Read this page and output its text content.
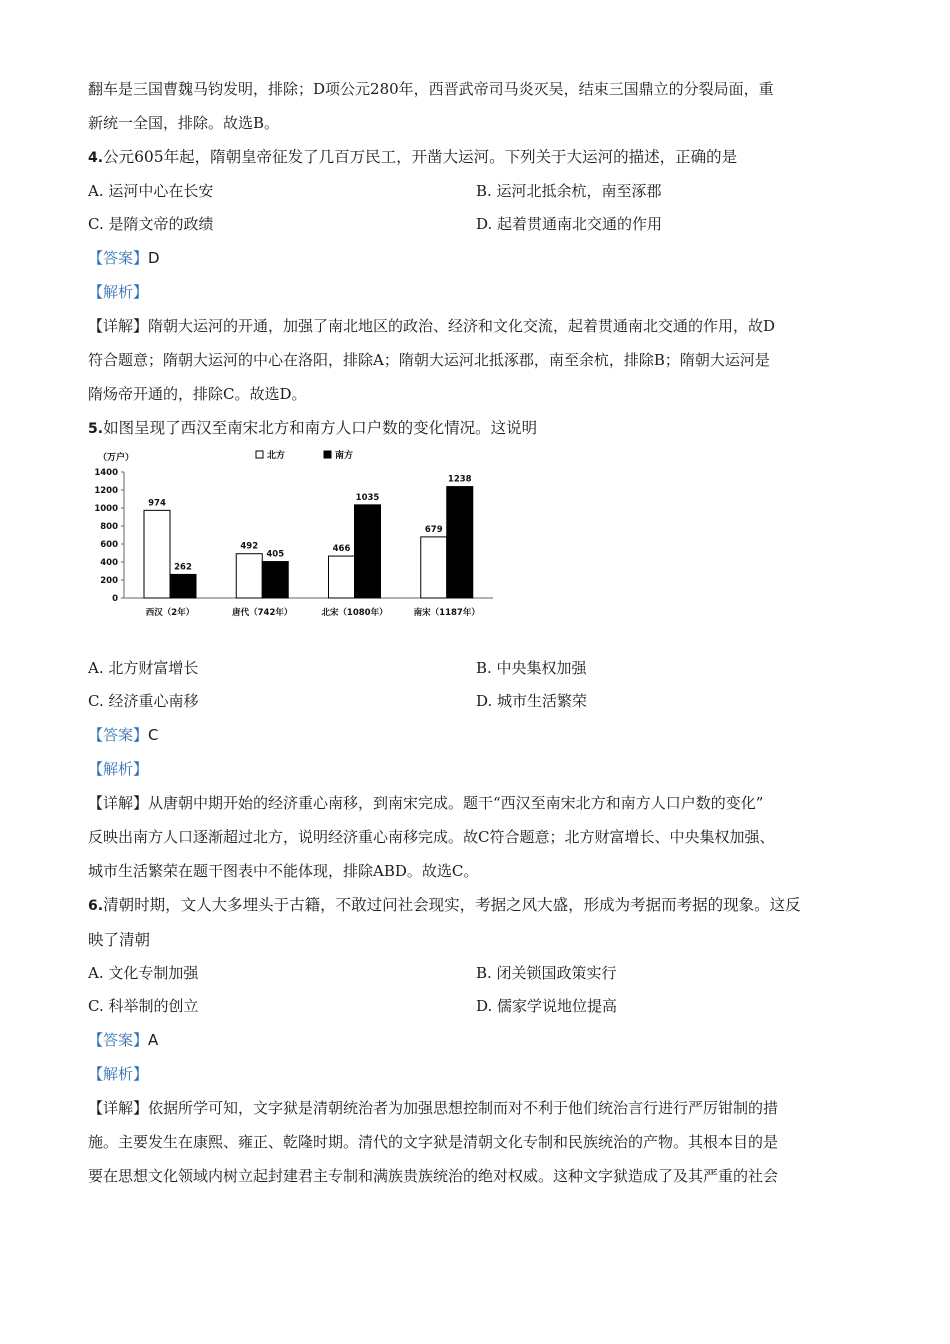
翻车是三国曹魏马钧发明，排除；D项公元280年，西晋武帝司马炎灭吴，结束三国鼎立的分裂局面，重
新统一全国，排除。故选B。
4.公元605年起，隋朝皇帝征发了几百万民工，开凿大运河。下列关于大运河的描述，正确的是
A. 运河中心在长安	B. 运河北抵余杭，南至涿郡
C. 是隋文帝的政绩	D. 起着贯通南北交通的作用
【答案】D
【解析】
【详解】隋朝大运河的开通，加强了南北地区的政治、经济和文化交流，起着贯通南北交通的作用，故D
符合题意；隋朝大运河的中心在洛阳，排除A；隋朝大运河北抵涿郡，南至余杭，排除B；隋朝大运河是
隋炀帝开通的，排除C。故选D。
5.如图呈现了西汉至南宋北方和南方人口户数的变化情况。这说明
（万户）	北方	南方
0
200
400
600
800
1000
1200
1400
974
262
西汉（2年）
492
405
唐代（742年）
466
1035
北宋（1080年）
679
1238
南宋（1187年）
A. 北方财富增长	B. 中央集权加强
C. 经济重心南移	D. 城市生活繁荣
【答案】C
【解析】
【详解】从唐朝中期开始的经济重心南移，到南宋完成。题干“西汉至南宋北方和南方人口户数的变化”
反映出南方人口逐渐超过北方，说明经济重心南移完成。故C符合题意；北方财富增长、中央集权加强、
城市生活繁荣在题干图表中不能体现，排除ABD。故选C。
6.清朝时期，文人大多埋头于古籍，不敢过问社会现实，考据之风大盛，形成为考据而考据的现象。这反
映了清朝
A. 文化专制加强	B. 闭关锁国政策实行
C. 科举制的创立	D. 儒家学说地位提高
【答案】A
【解析】
【详解】依据所学可知，文字狱是清朝统治者为加强思想控制而对不利于他们统治言行进行严厉钳制的措
施。主要发生在康熙、雍正、乾隆时期。清代的文字狱是清朝文化专制和民族统治的产物。其根本目的是
要在思想文化领域内树立起封建君主专制和满族贵族统治的绝对权威。这种文字狱造成了及其严重的社会
